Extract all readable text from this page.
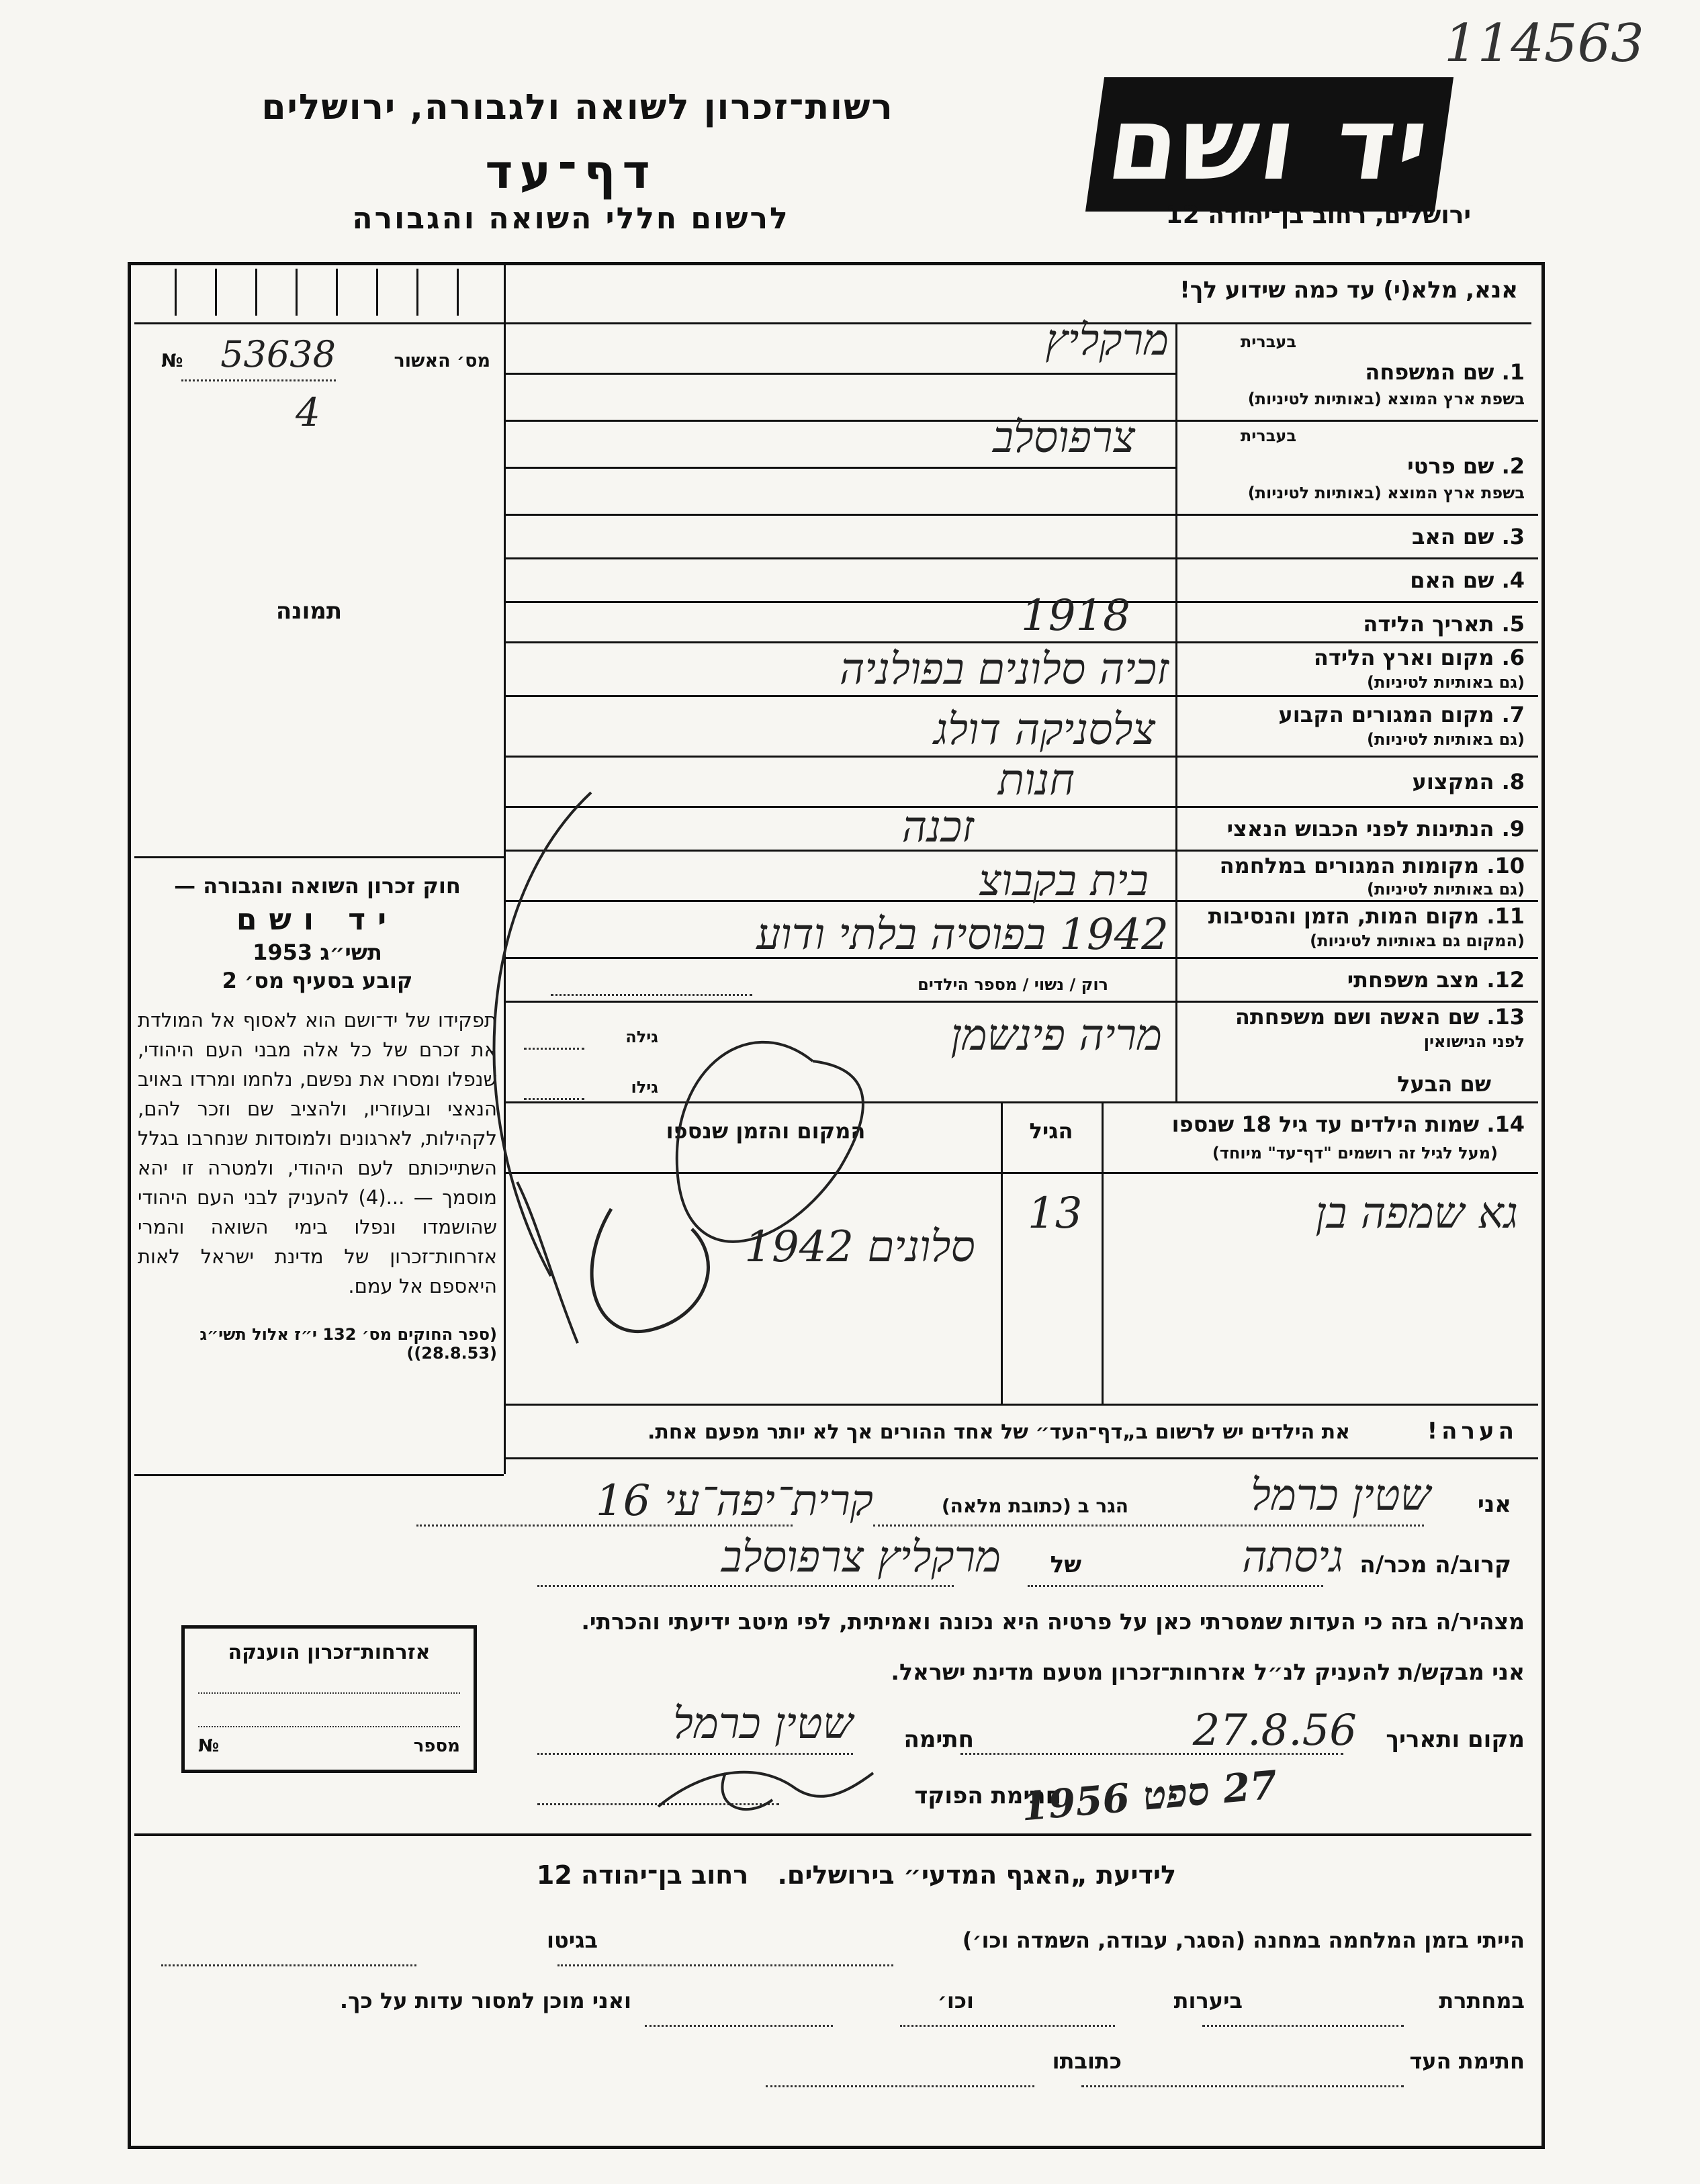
114563
רשות־זכרון לשואה ולגבורה, ירושלים	יד ושם
דף־עד
לרשום חללי השואה והגבורה	ירושלים, רחוב בן־יהודה 12
אנא, מלא(י) עד כמה שידוע לך!
מס׳ האשור
53638
№
4
תמונה
בעברית
1. שם המשפחה
בשפת ארץ המוצא (באותיות לטיניות)
מרקליץ
בעברית
2. שם פרטי
בשפת ארץ המוצא (באותיות לטיניות)
צרפוסלב
3. שם האב
4. שם האם
5. תאריך הלידה
1918
6. מקום וארץ הלידה
(גם באותיות לטיניות)
זכיה סלונים בפולניה
7. מקום המגורים הקבוע
(גם באותיות לטיניות)
צלסניקה דולג
8. המקצוע
חנות
9. הנתינות לפני הכבוש הנאצי
זכנה
10. מקומות המגורים במלחמה
(גם באותיות לטיניות)
בית בקבוצ
11. מקום המות, הזמן והנסיבות
(המקום גם באותיות לטיניות)
1942 בפוסיה בלתי ודוע
12. מצב משפחתי
רוק / נשוי / מספר הילדים
13. שם האשה ושם משפחתה
לפני הנישואין
מריה פינשמן
גילה
שם הבעל
גילו
14. שמות הילדים עד גיל 18 שנספו
(מעל לגיל זה רושמים "דף־עד" מיוחד)
הגיל
המקום והזמן שנספו
גא שמפה בן
13
סלונים 1942
הערה!
את הילדים יש לרשום ב„דף־העד״ של אחד ההורים אך לא יותר מפעם אחת.
חוק זכרון השואה והגבורה —
יד ושם
תשי״ג 1953
קובע בסעיף מס׳ 2
תפקידו של יד־ושם הוא לאסוף אל המולדת את זכרם של כל אלה מבני העם היהודי, שנפלו ומסרו את נפשם, נלחמו ומרדו באויב הנאצי ובעוזריו, ולהציב שם וזכר להם, לקהילות, לארגונים ולמוסדות שנחרבו בגלל השתייכותם לעם היהודי, ולמטרה זו יהא מוסמך — ...(4) להעניק לבני העם היהודי שהושמדו ונפלו בימי השואה והמרי אזרחות־זכרון של מדינת ישראל לאות היאספם אל עמם.
(ספר החוקים מס׳ 132 י״ז אלול תשי״ג (28.8.53))
אני
שטין כרמל
הגר ב (כתובת מלאה)
קרית־יפה־עי 16
קרוב/ה מכר/ה
גיסתה
של
מרקליץ צרפוסלב
מצהיר/ה בזה כי העדות שמסרתי כאן על פרטיה היא נכונה ואמיתית, לפי מיטב ידיעתי והכרתי.
אני מבקש/ת להעניק לנ״ל אזרחות־זכרון מטעם מדינת ישראל.
מקום ותאריך
27.8.56
חתימה
שטין כרמל
חתימת הפוקד
27 ספט 1956
אזרחות־זכרון הוענקה
מספר
№
לידיעת „האגף המדעי״ בירושלים. רחוב בן־יהודה 12
הייתי בזמן המלחמה במחנה (הסגר, עבודה, השמדה וכו׳)
בגיטו
במחתרת
ביערות
וכו׳
ואני מוכן למסור עדות על כך.
חתימת העד
כתובתו
